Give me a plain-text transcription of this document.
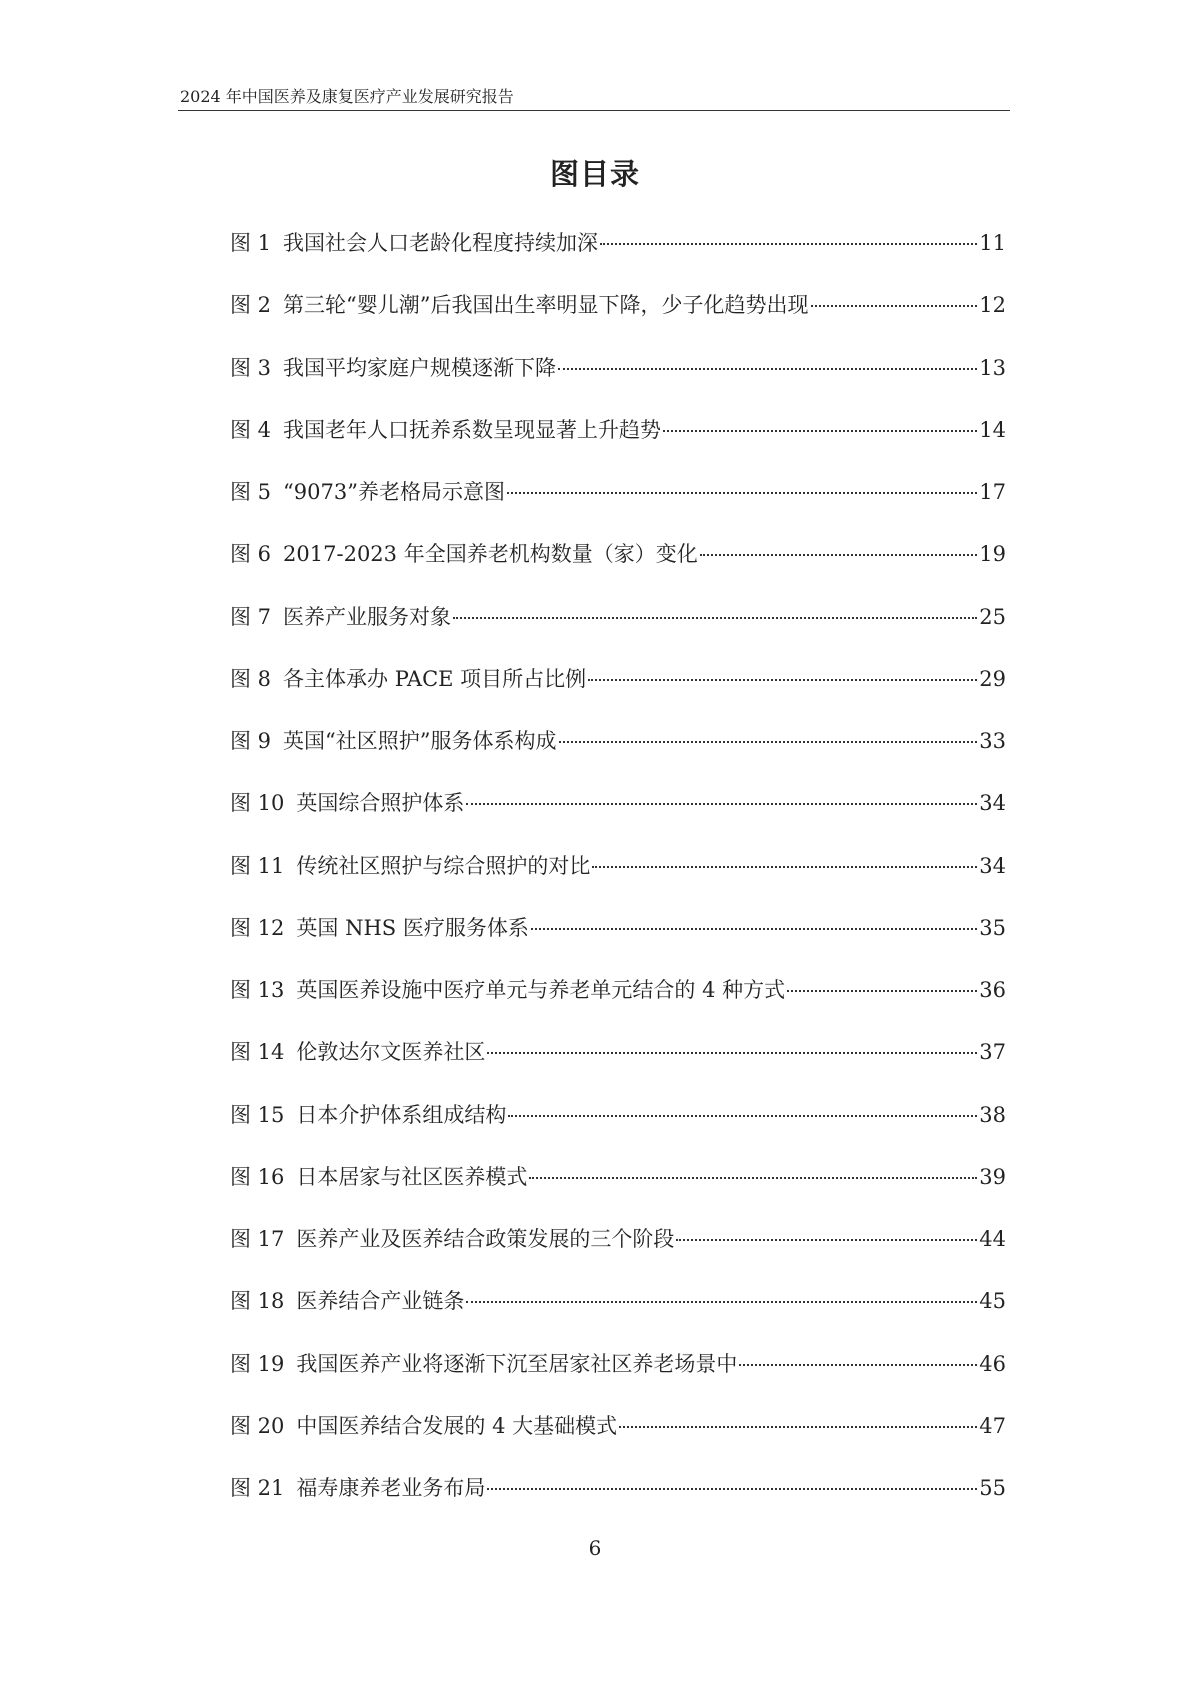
2024 年中国医养及康复医疗产业发展研究报告
图目录
图 1 我国社会人口老龄化程度持续加深	11
图 2 第三轮“婴儿潮”后我国出生率明显下降，少子化趋势出现	12
图 3 我国平均家庭户规模逐渐下降	13
图 4 我国老年人口抚养系数呈现显著上升趋势	14
图 5 “9073”养老格局示意图	17
图 6 2017-2023 年全国养老机构数量（家）变化	19
图 7 医养产业服务对象	25
图 8 各主体承办 PACE 项目所占比例	29
图 9 英国“社区照护”服务体系构成	33
图 10 英国综合照护体系	34
图 11 传统社区照护与综合照护的对比	34
图 12 英国 NHS 医疗服务体系	35
图 13 英国医养设施中医疗单元与养老单元结合的 4 种方式	36
图 14 伦敦达尔文医养社区	37
图 15 日本介护体系组成结构	38
图 16 日本居家与社区医养模式	39
图 17 医养产业及医养结合政策发展的三个阶段	44
图 18 医养结合产业链条	45
图 19 我国医养产业将逐渐下沉至居家社区养老场景中	46
图 20 中国医养结合发展的 4 大基础模式	47
图 21 福寿康养老业务布局	55
6
